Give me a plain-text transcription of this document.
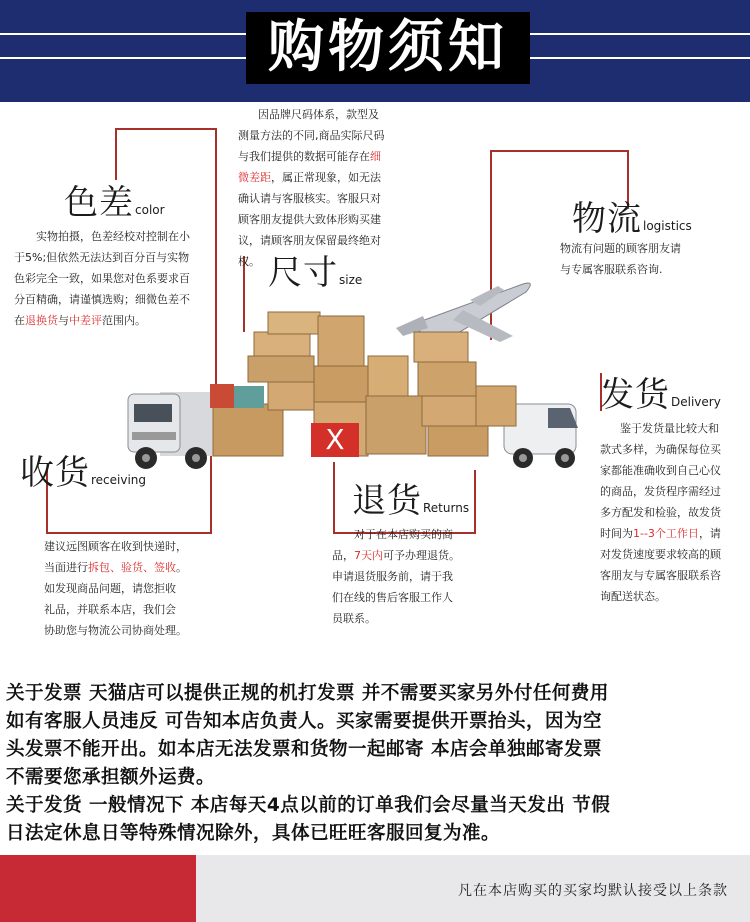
购物须知
色差color
实物拍摄，色差经校对控制在小
于5%;但依然无法达到百分百与实物
色彩完全一致，如果您对色系要求百
分百精确，请谨慎选购；细微色差不
在退换货与中差评范围内。
因品牌尺码体系，款型及
测量方法的不同,商品实际尺码
与我们提供的数据可能存在细
微差距，属正常现象，如无法
确认请与客服核实。客服只对
顾客朋友提供大致体形购买建
议，请顾客朋友保留最终绝对
权。 尺寸size
物流logistics
物流有问题的顾客朋友请
与专属客服联系咨询.
X
发货Delivery
鉴于发货量比较大和
款式多样，为确保每位买
家都能准确收到自己心仪
的商品，发货程序需经过
多方配发和检验，故发货
时间为1--3个工作日，请
对发货速度要求较高的顾
客朋友与专属客服联系咨
询配送状态。
收货receiving
建议远图顾客在收到快递时，
当面进行拆包、验货、签收。
如发现商品问题，请您拒收
礼品，并联系本店，我们会
协助您与物流公司协商处理。
退货Returns
对于在本店购买的商
品，7天内可予办理退货。
申请退货服务前，请于我
们在线的售后客服工作人
员联系。

关于发票 天猫店可以提供正规的机打发票 并不需要买家另外付任何费用

如有客服人员违反 可告知本店负责人。买家需要提供开票抬头，因为空

头发票不能开出。如本店无法发票和货物一起邮寄 本店会单独邮寄发票

不需要您承担额外运费。

关于发货 一般情况下 本店每天4点以前的订单我们会尽量当天发出 节假

日法定休息日等特殊情况除外，具体已旺旺客服回复为准。

凡在本店购买的买家均默认接受以上条款
